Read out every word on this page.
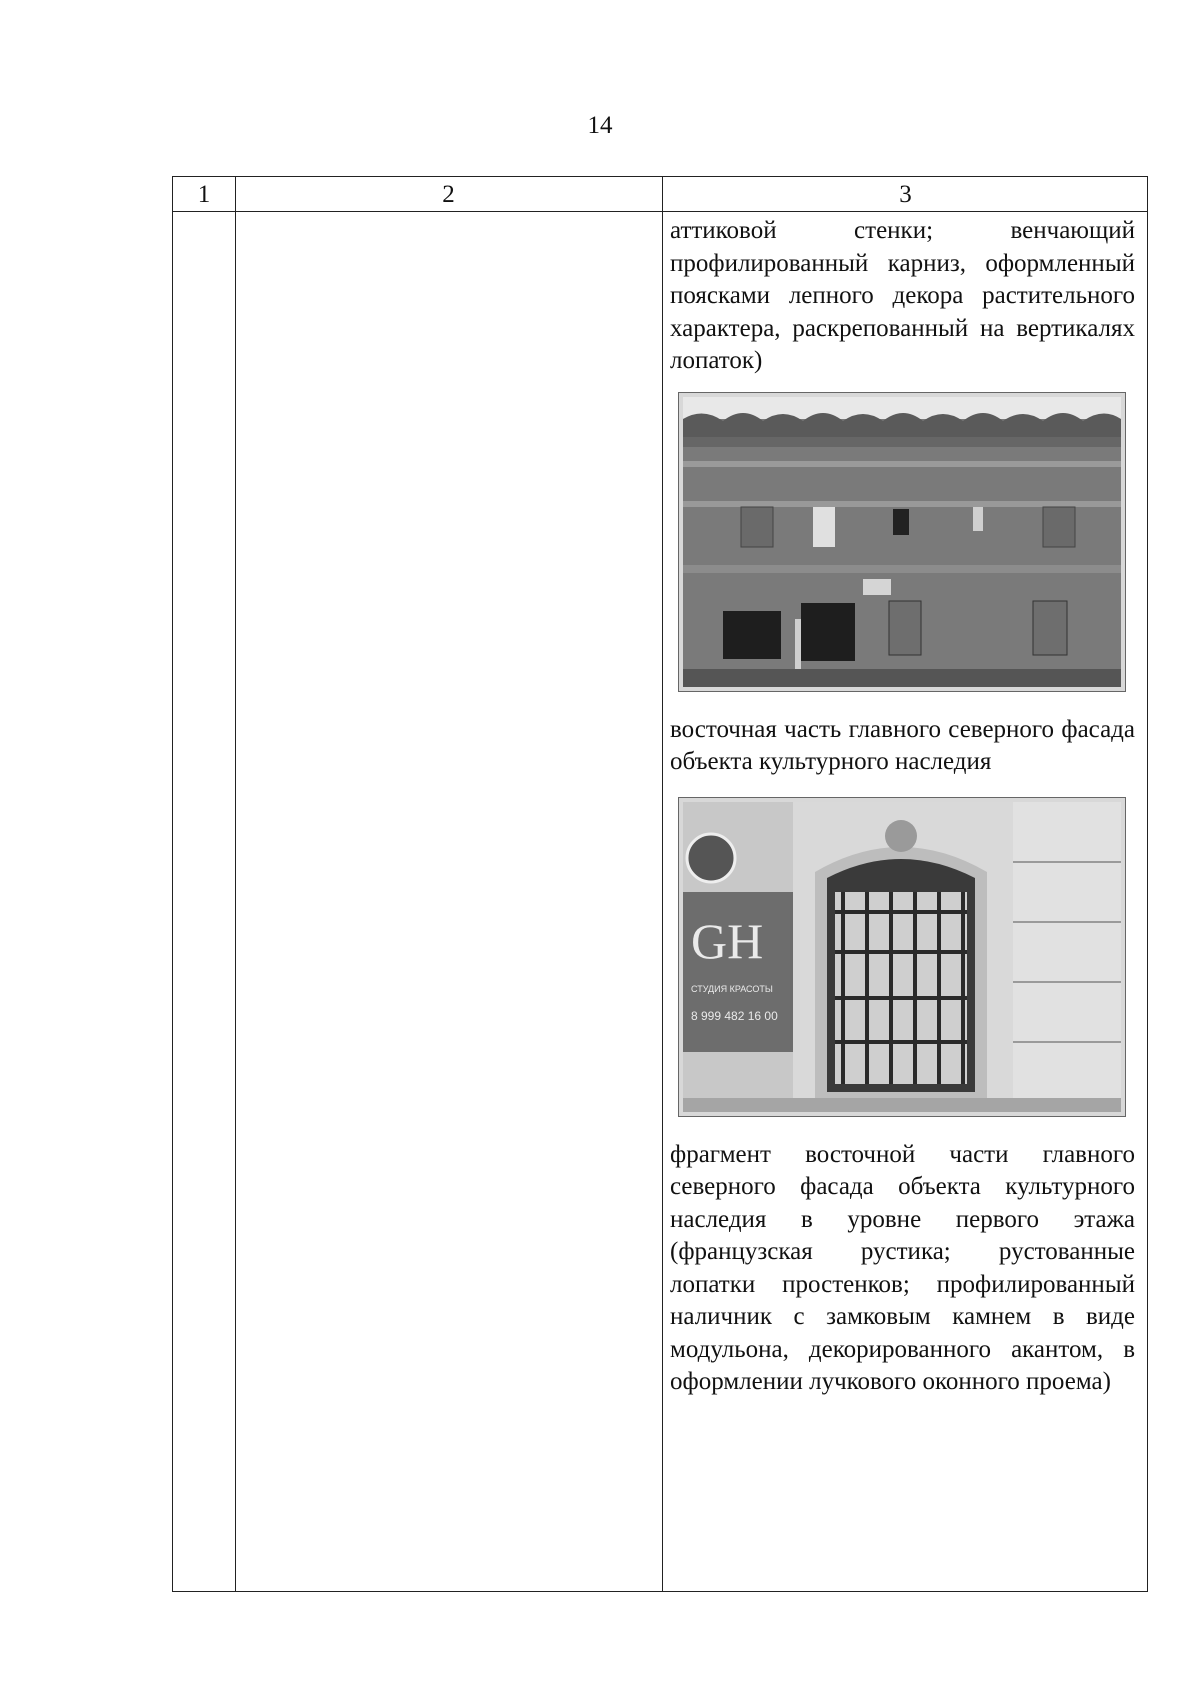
14
1	2	3

аттиковой стенки; венчающий профилированный карниз, оформленный поясками лепного декора растительного характера, раскрепованный на вертикалях лопаток)

восточная часть главного северного фасада объекта культурного наследия

GH
СТУДИЯ КРАСОТЫ
8 999 482 16 00

фрагмент восточной части главного северного фасада объекта культурного наследия в уровне первого этажа (французская рустика; рустованные лопатки простенков; профилированный наличник с замковым камнем в виде модульона, декорированного акантом, в оформлении лучкового оконного проема)
